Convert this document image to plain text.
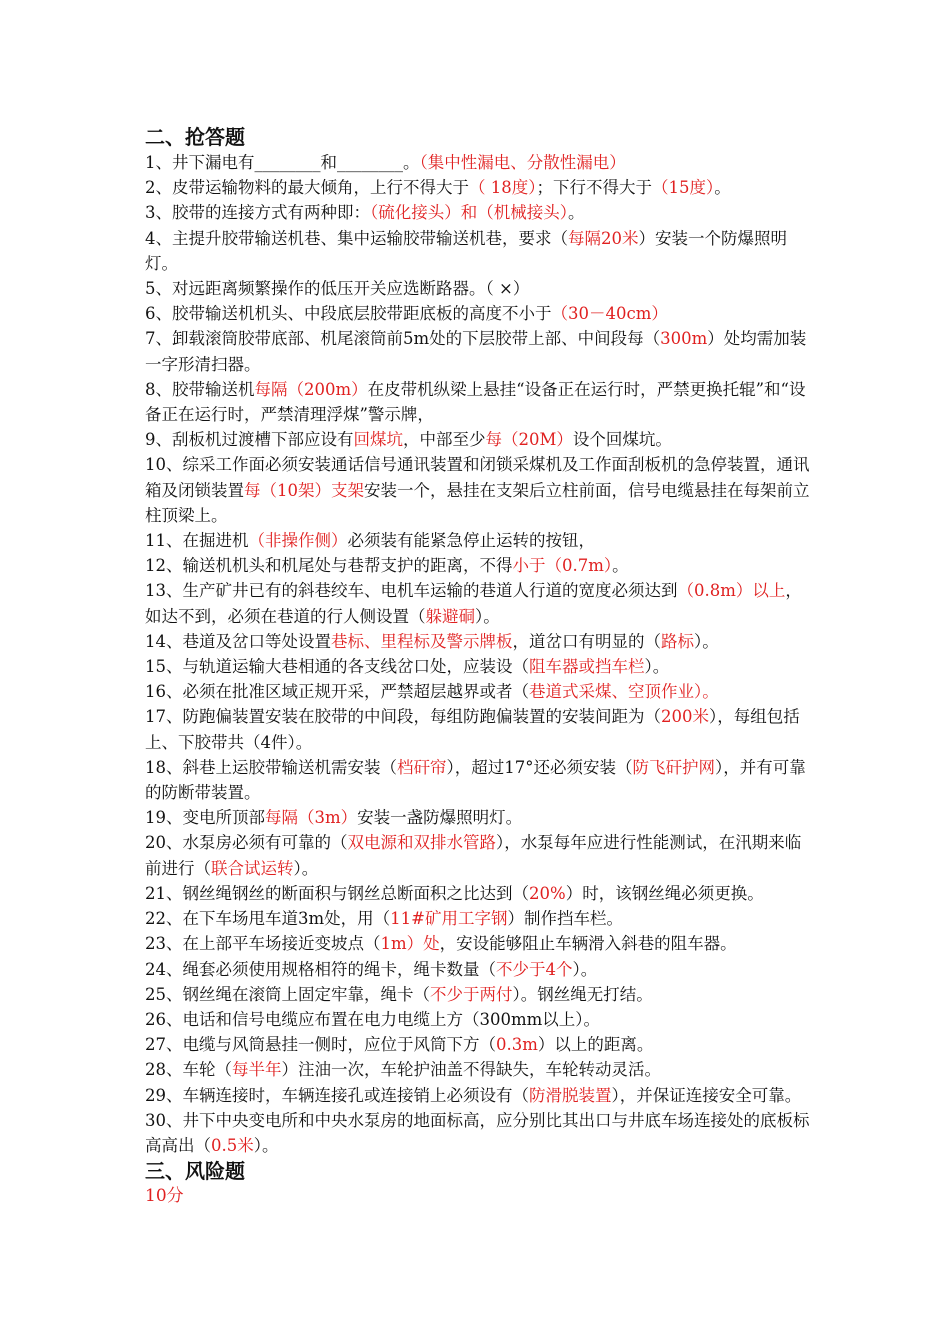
二、抢答题

1、井下漏电有________和________。（集中性漏电、分散性漏电）

2、皮带运输物料的最大倾角，上行不得大于（ 18度）；下行不得大于（15度）。

3、胶带的连接方式有两种即：（硫化接头）和（机械接头）。

4、主提升胶带输送机巷、集中运输胶带输送机巷，要求（每隔20米）安装一个防爆照明灯。

5、对远距离频繁操作的低压开关应选断路器。（ ×）

6、胶带输送机机头、中段底层胶带距底板的高度不小于（30－40cm）

7、卸载滚筒胶带底部、机尾滚筒前5m处的下层胶带上部、中间段每（300m）处均需加装一字形清扫器。

8、胶带输送机每隔（200m）在皮带机纵梁上悬挂“设备正在运行时，严禁更换托辊”和“设备正在运行时，严禁清理浮煤”警示牌，

9、刮板机过渡槽下部应设有回煤坑，中部至少每（20M）设个回煤坑。

10、综采工作面必须安装通话信号通讯装置和闭锁采煤机及工作面刮板机的急停装置，通讯箱及闭锁装置每（10架）支架安装一个，悬挂在支架后立柱前面，信号电缆悬挂在每架前立柱顶梁上。

11、在掘进机（非操作侧）必须装有能紧急停止运转的按钮，

12、输送机机头和机尾处与巷帮支护的距离，不得小于（0.7m）。

13、生产矿井已有的斜巷绞车、电机车运输的巷道人行道的宽度必须达到（0.8m）以上，如达不到，必须在巷道的行人侧设置（躲避硐）。

14、巷道及岔口等处设置巷标、里程标及警示牌板，道岔口有明显的（路标）。

15、与轨道运输大巷相通的各支线岔口处，应装设（阻车器或挡车栏）。

16、必须在批准区域正规开采，严禁超层越界或者（巷道式采煤、空顶作业）。

17、防跑偏装置安装在胶带的中间段，每组防跑偏装置的安装间距为（200米），每组包括上、下胶带共（4件）。

18、斜巷上运胶带输送机需安装（档矸帘），超过17°还必须安装（防飞矸护网），并有可靠的防断带装置。

19、变电所顶部每隔（3m）安装一盏防爆照明灯。

20、水泵房必须有可靠的（双电源和双排水管路），水泵每年应进行性能测试，在汛期来临前进行（联合试运转）。

21、钢丝绳钢丝的断面积与钢丝总断面积之比达到（20%）时，该钢丝绳必须更换。

22、在下车场甩车道3m处，用（11#矿用工字钢）制作挡车栏。

23、在上部平车场接近变坡点（1m）处，安设能够阻止车辆滑入斜巷的阻车器。

24、绳套必须使用规格相符的绳卡，绳卡数量（不少于4个）。

25、钢丝绳在滚筒上固定牢靠，绳卡（不少于两付）。钢丝绳无打结。

26、电话和信号电缆应布置在电力电缆上方（300mm以上）。

27、电缆与风筒悬挂一侧时，应位于风筒下方（0.3m）以上的距离。

28、车轮（每半年）注油一次，车轮护油盖不得缺失，车轮转动灵活。

29、车辆连接时，车辆连接孔或连接销上必须设有（防滑脱装置），并保证连接安全可靠。

30、井下中央变电所和中央水泵房的地面标高，应分别比其出口与井底车场连接处的底板标高高出（0.5米）。

三、风险题

10分
